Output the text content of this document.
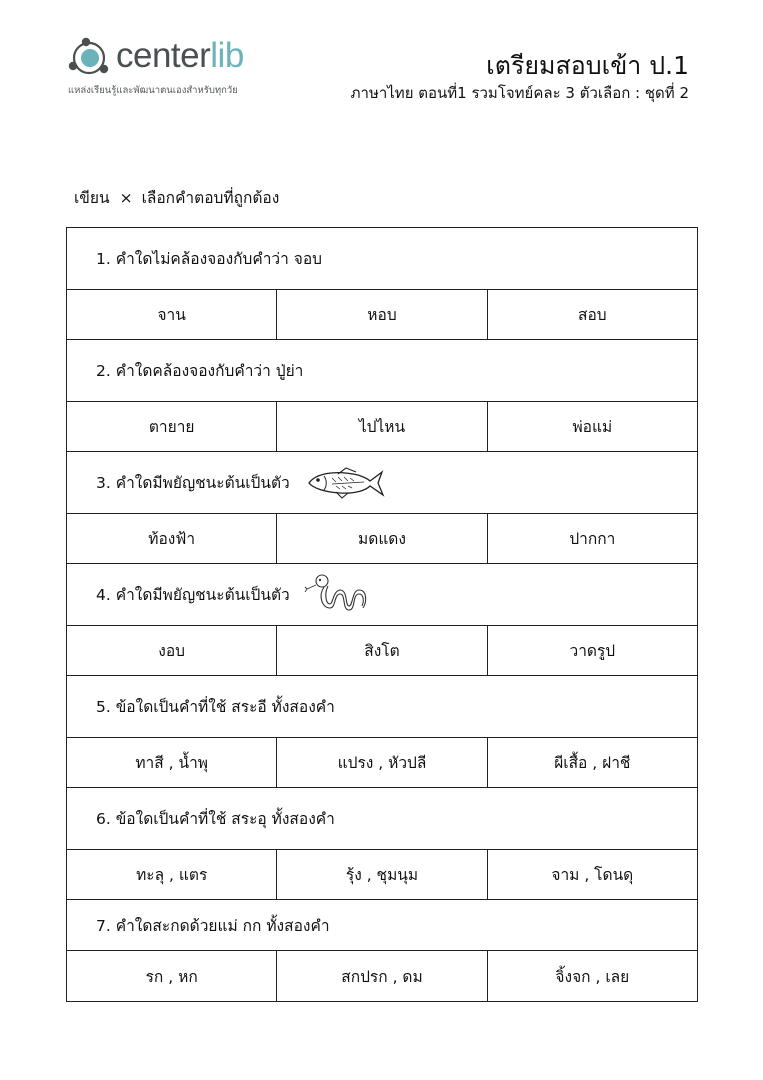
centerlib
แหล่งเรียนรู้และพัฒนาตนเองสำหรับทุกวัย
เตรียมสอบเข้า ป.1
ภาษาไทย ตอนที่1 รวมโจทย์คละ 3 ตัวเลือก : ชุดที่ 2
เขียน × เลือกคำตอบที่ถูกต้อง
1. คำใดไม่คล้องจองกับคำว่า จอบ
จาน	หอบ	สอบ
2. คำใดคล้องจองกับคำว่า ปู่ย่า
ตายาย	ไปไหน	พ่อแม่
3. คำใดมีพยัญชนะต้นเป็นตัว
ท้องฟ้า	มดแดง	ปากกา
4. คำใดมีพยัญชนะต้นเป็นตัว
งอบ	สิงโต	วาดรูป
5. ข้อใดเป็นคำที่ใช้ สระอี ทั้งสองคำ
ทาสี , น้ำพุ	แปรง , หัวปลี	ผีเสื้อ , ฝาชี
6. ข้อใดเป็นคำที่ใช้ สระอุ ทั้งสองคำ
ทะลุ , แตร	รุ้ง , ชุมนุม	จาม , โดนดุ
7. คำใดสะกดด้วยแม่ กก ทั้งสองคำ
รก , หก	สกปรก , ดม	จิ้งจก , เลย
